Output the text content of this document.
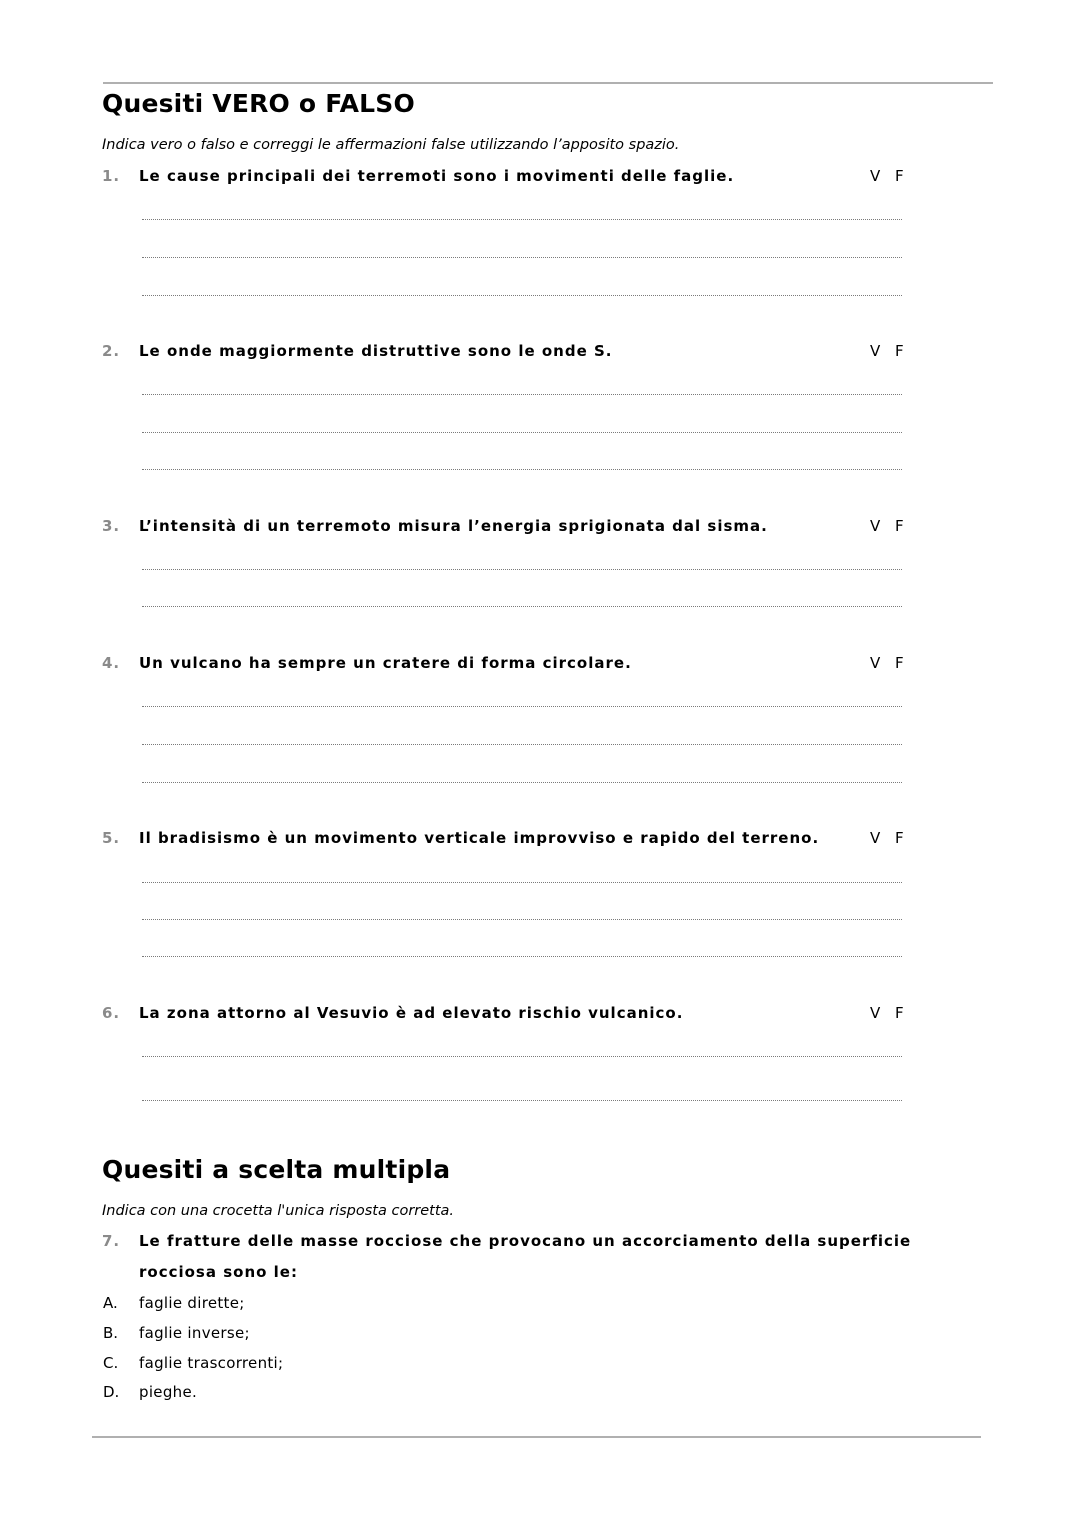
Quesiti VERO o FALSO

Indica vero o falso e correggi le affermazioni false utilizzando l’apposito spazio.

1. Le cause principali dei terremoti sono i movimenti delle faglie.	V F
2. Le onde maggiormente distruttive sono le onde S.	V F
3. L’intensità di un terremoto misura l’energia sprigionata dal sisma.	V F
4. Un vulcano ha sempre un cratere di forma circolare.	V F
5. Il bradisismo è un movimento verticale improvviso e rapido del terreno.	V F
6. La zona attorno al Vesuvio è ad elevato rischio vulcanico.	V F
Quesiti a scelta multipla

Indica con una crocetta l'unica risposta corretta.

7. Le fratture delle masse rocciose che provocano un accorciamento della superficie rocciosa sono le:
A. faglie dirette;
B. faglie inverse;
C. faglie trascorrenti;
D. pieghe.
